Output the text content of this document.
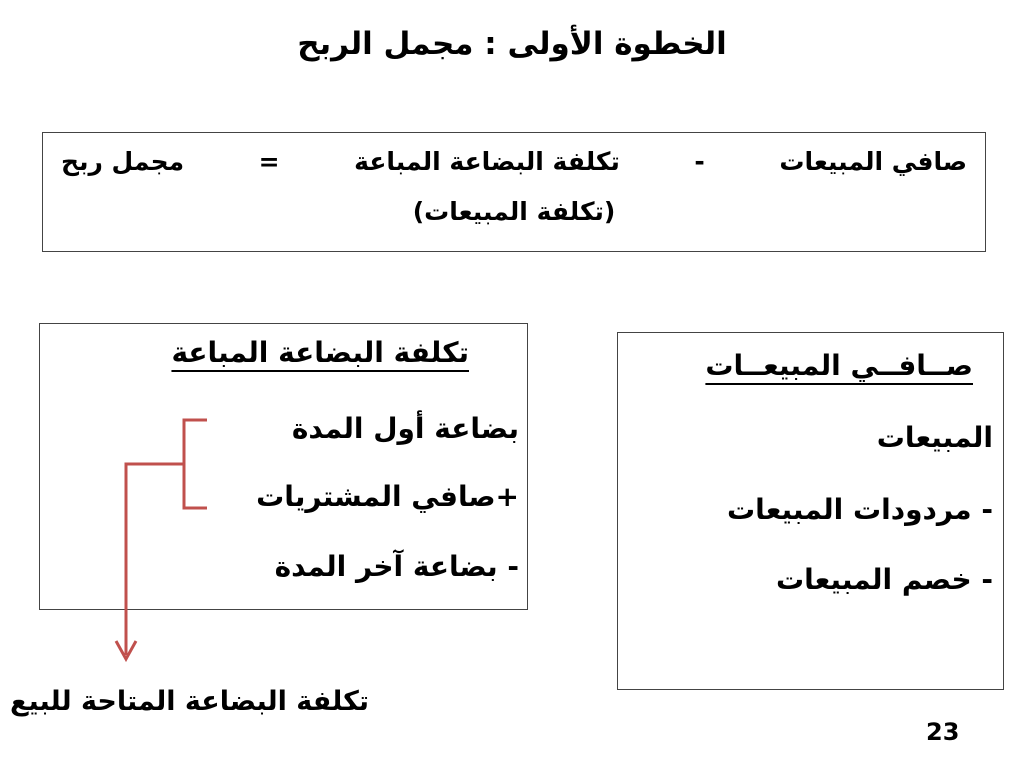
الخطوة الأولى : مجمل الربح
صافي المبيعات
-
تكلفة البضاعة المباعة
=
مجمل ربح
(تكلفة المبيعات)
تكلفة البضاعة المباعة
بضاعة أول المدة
+صافي المشتريات
- بضاعة آخر المدة
صــافــي المبيعــات
المبيعات
- مردودات المبيعات
- خصم المبيعات
تكلفة البضاعة المتاحة للبيع
23
